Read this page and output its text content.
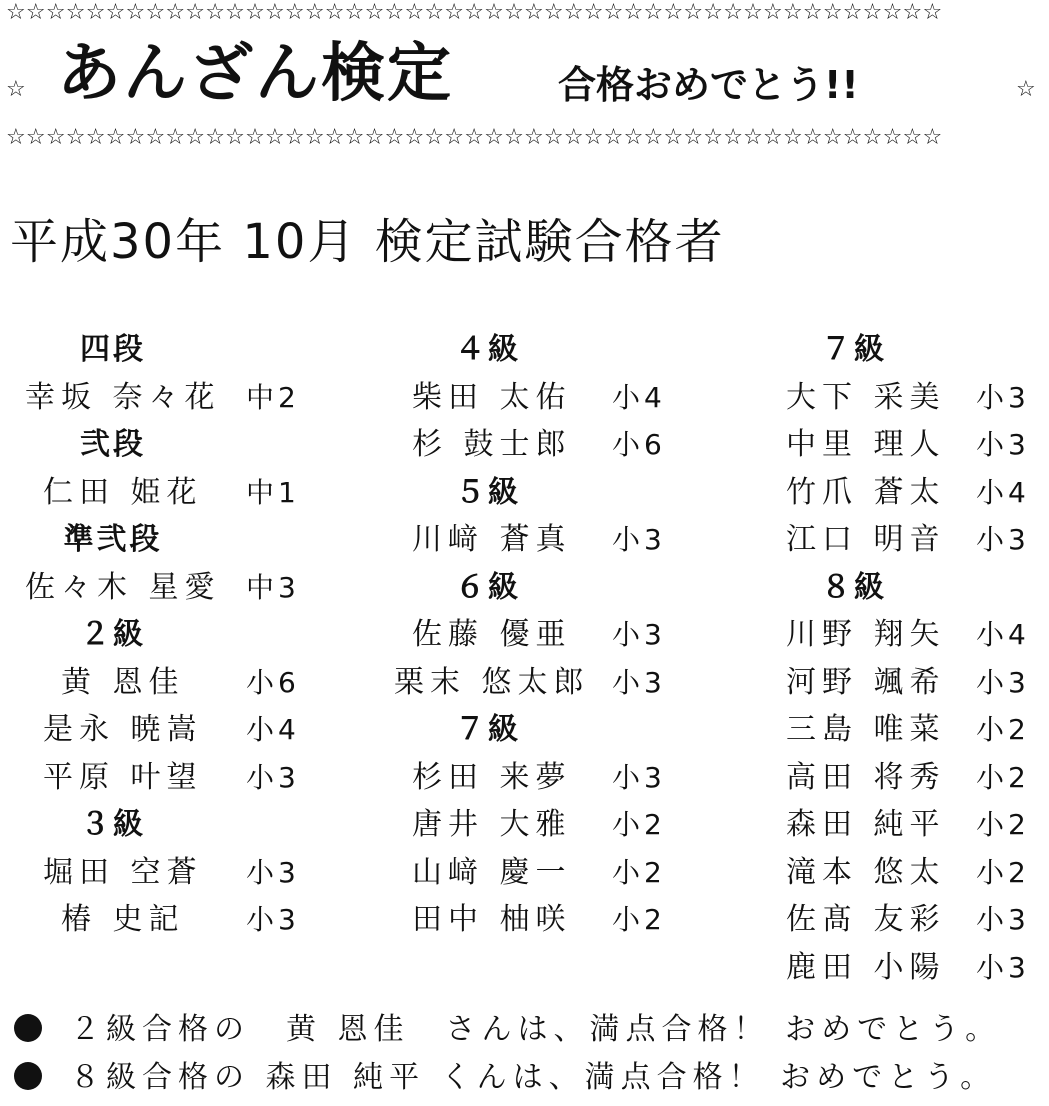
☆☆☆☆☆☆☆☆☆☆☆☆☆☆☆☆☆☆☆☆☆☆☆☆☆☆☆☆☆☆☆☆☆☆☆☆☆☆☆☆☆☆☆☆☆☆☆
☆ あんざん検定	合格おめでとう!!	☆
☆☆☆☆☆☆☆☆☆☆☆☆☆☆☆☆☆☆☆☆☆☆☆☆☆☆☆☆☆☆☆☆☆☆☆☆☆☆☆☆☆☆☆☆☆☆☆
平成30年 10月 検定試験合格者
四段
幸坂 奈々花 中2
弐段
仁田 姫花 中1
準弐段
佐々木 星愛 中3
２級
黄 恩佳 小6
是永 暁嵩 小4
平原 叶望 小3
３級
堀田 空蒼 小3
椿 史記 小3
４級
柴田 太佑 小4
杉 鼓士郎 小6
５級
川﨑 蒼真 小3
６級
佐藤 優亜 小3
栗末 悠太郎 小3
７級
杉田 来夢 小3
唐井 大雅 小2
山﨑 慶一 小2
田中 柚咲 小2
７級
大下 采美 小3
中里 理人 小3
竹爪 蒼太 小4
江口 明音 小3
８級
川野 翔矢 小4
河野 颯希 小3
三島 唯菜 小2
高田 将秀 小2
森田 純平 小2
滝本 悠太 小2
佐髙 友彩 小3
鹿田 小陽 小3
２級合格の　黄 恩佳　さんは、満点合格！ おめでとう。
８級合格の 森田 純平 くんは、満点合格！ おめでとう。
